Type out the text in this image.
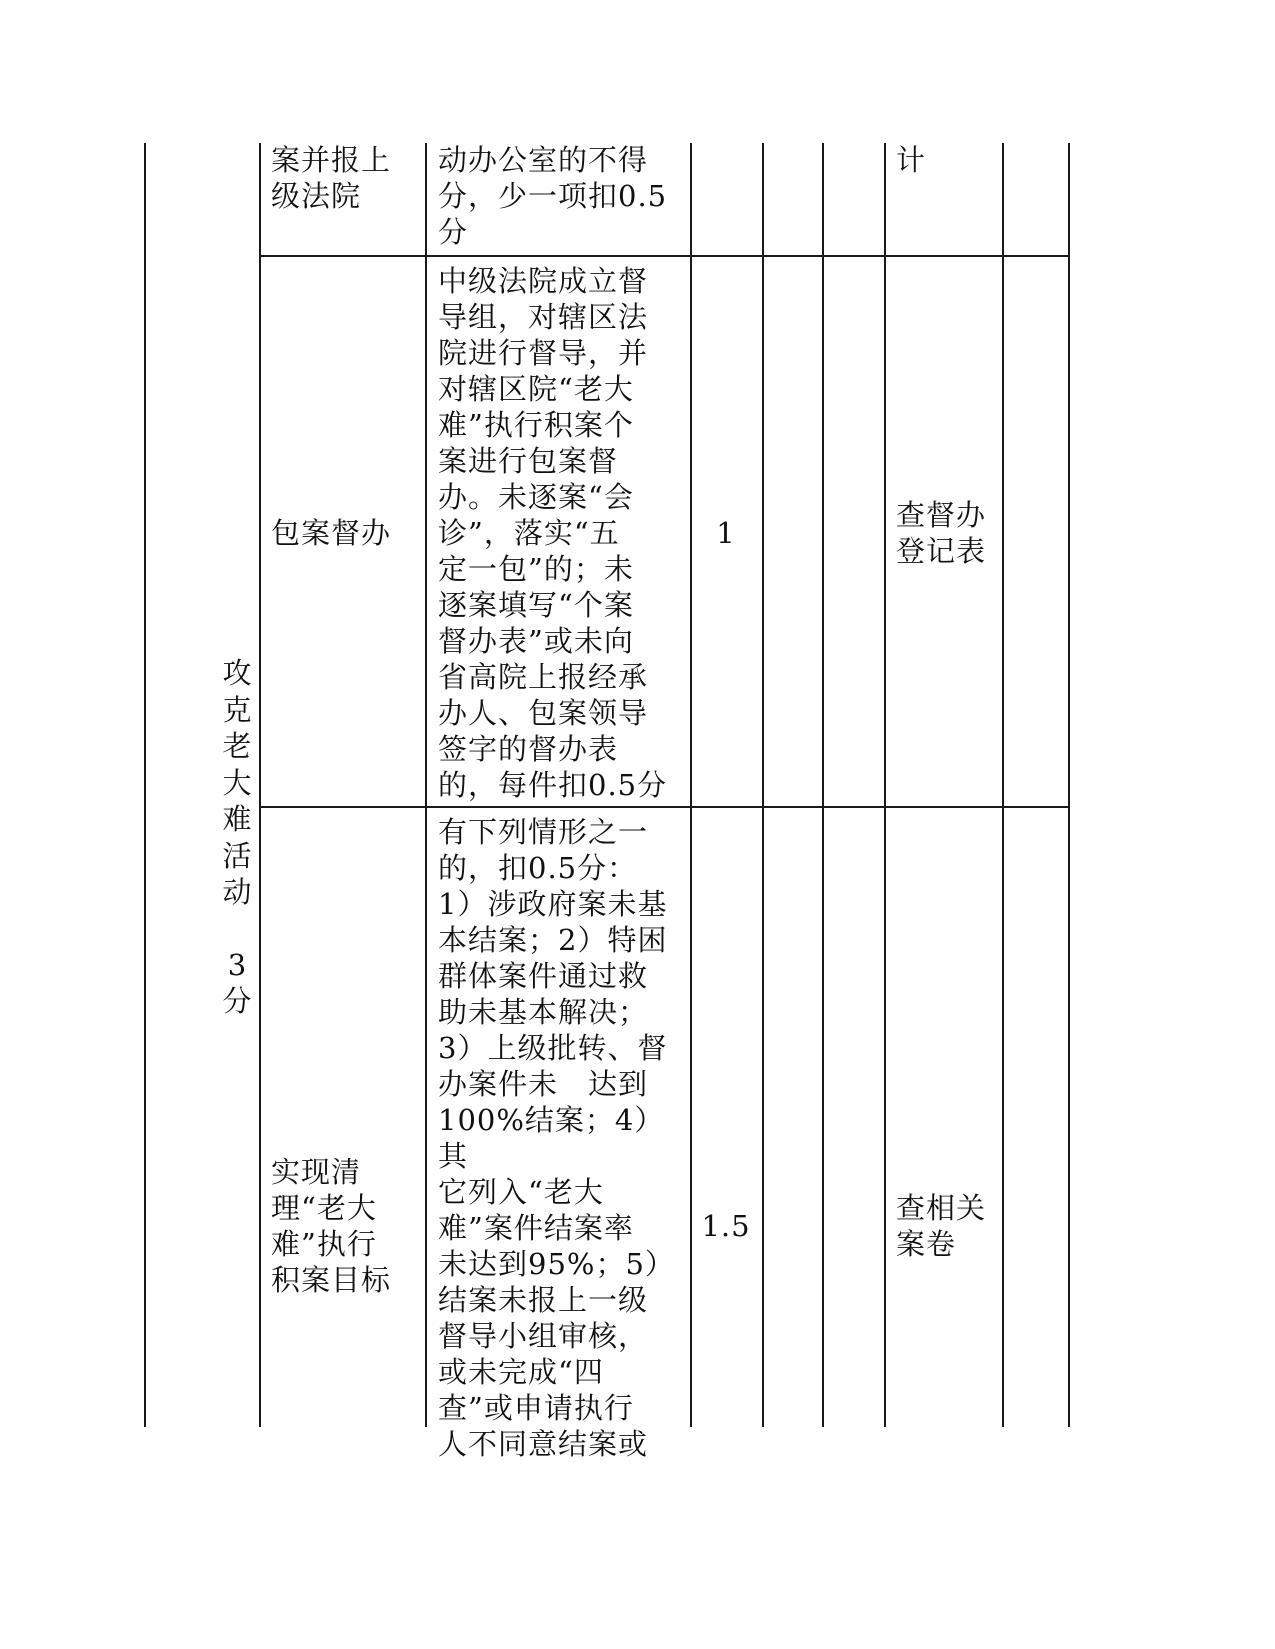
攻
克
老
大
难
活
动
3
分
案并报上
级法院
动办公室的不得
分，少一项扣0.5
分
计
包案督办
中级法院成立督
导组，对辖区法
院进行督导，并
对辖区院“老大
难”执行积案个
案进行包案督
办。未逐案“会
诊”，落实“五
定一包”的；未
逐案填写“个案
督办表”或未向
省高院上报经承
办人、包案领导
签字的督办表
的，每件扣0.5分
1
查督办
登记表
实现清
理“老大
难”执行
积案目标
有下列情形之一
的，扣0.5分：
1）涉政府案未基
本结案；2）特困
群体案件通过救
助未基本解决；
3）上级批转、督
办案件未　达到
100%结案；4）其
它列入“老大
难”案件结案率
未达到95%；5）
结案未报上一级
督导小组审核，
或未完成“四
查”或申请执行
人不同意结案或
1.5
查相关
案卷
